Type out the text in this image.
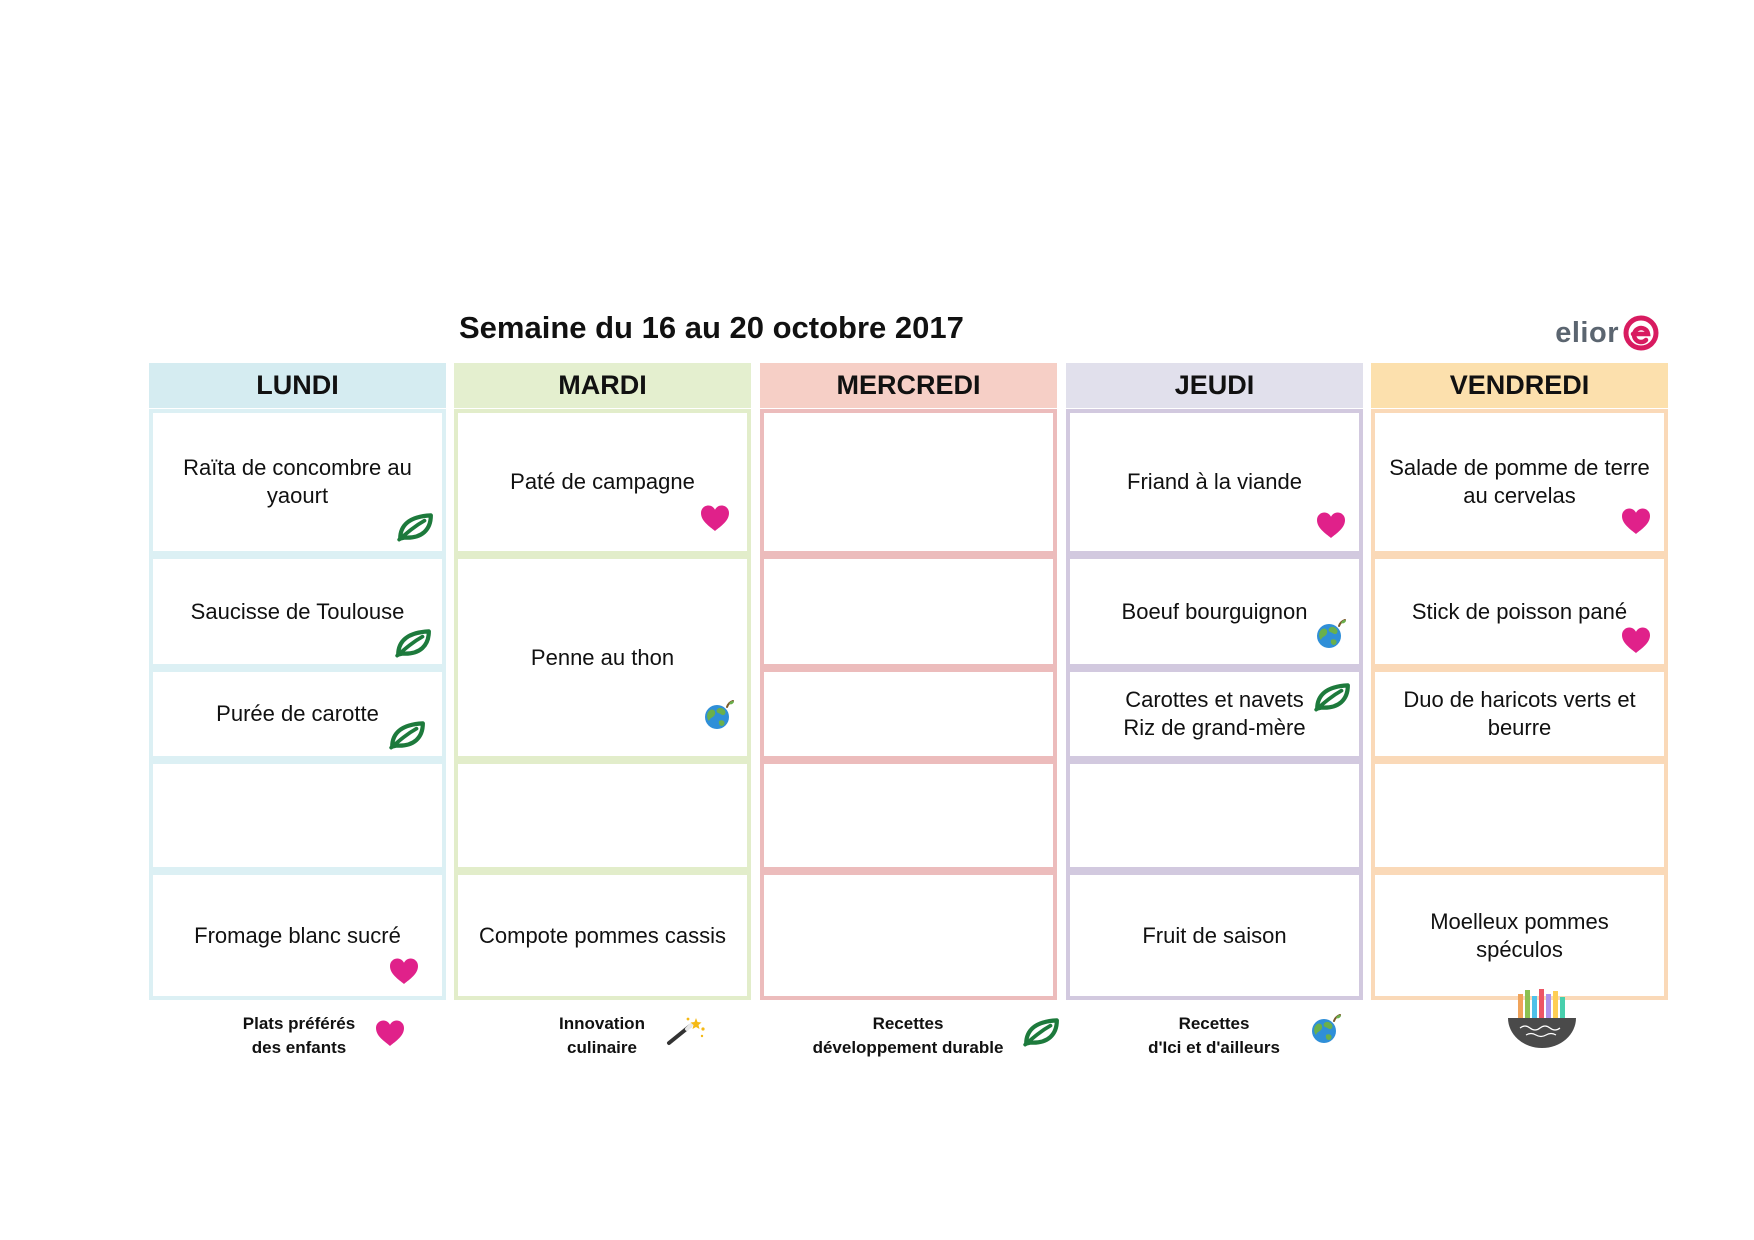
Semaine du 16 au 20 octobre 2017	elior
LUNDI
Raïta de concombre au
yaourt
Saucisse de Toulouse
Purée de carotte
Fromage blanc sucré
MARDI
Paté de campagne
Penne au thon
Compote pommes cassis
MERCREDI	JEUDI
Friand à la viande
Boeuf bourguignon
Carottes et navets
Riz de grand-mère
Fruit de saison
VENDREDI
Salade de pomme de terre
au cervelas
Stick de poisson pané
Duo de haricots verts et
beurre
Moelleux pommes spéculos
Plats préférés
des enfants
Innovation
culinaire
Recettes
développement durable
Recettes
d'Ici et d'ailleurs
